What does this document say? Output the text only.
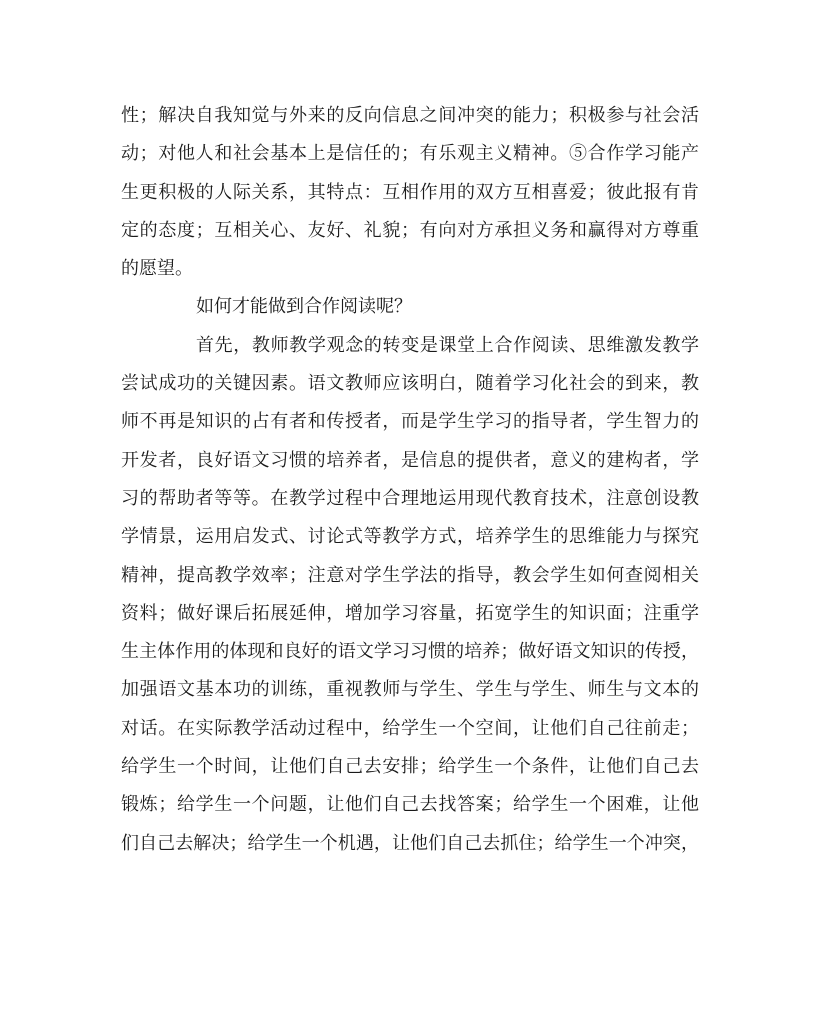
性；解决自我知觉与外来的反向信息之间冲突的能力；积极参与社会活
动；对他人和社会基本上是信任的；有乐观主义精神。⑤合作学习能产
生更积极的人际关系，其特点：互相作用的双方互相喜爱；彼此报有肯
定的态度；互相关心、友好、礼貌；有向对方承担义务和赢得对方尊重
的愿望。
如何才能做到合作阅读呢？
首先，教师教学观念的转变是课堂上合作阅读、思维激发教学
尝试成功的关键因素。语文教师应该明白，随着学习化社会的到来，教
师不再是知识的占有者和传授者，而是学生学习的指导者，学生智力的
开发者，良好语文习惯的培养者，是信息的提供者，意义的建构者，学
习的帮助者等等。在教学过程中合理地运用现代教育技术，注意创设教
学情景，运用启发式、讨论式等教学方式，培养学生的思维能力与探究
精神，提高教学效率；注意对学生学法的指导，教会学生如何查阅相关
资料；做好课后拓展延伸，增加学习容量，拓宽学生的知识面；注重学
生主体作用的体现和良好的语文学习习惯的培养；做好语文知识的传授，
加强语文基本功的训练，重视教师与学生、学生与学生、师生与文本的
对话。在实际教学活动过程中，给学生一个空间，让他们自己往前走；
给学生一个时间，让他们自己去安排；给学生一个条件，让他们自己去
锻炼；给学生一个问题，让他们自己去找答案；给学生一个困难，让他
们自己去解决；给学生一个机遇，让他们自己去抓住；给学生一个冲突，
